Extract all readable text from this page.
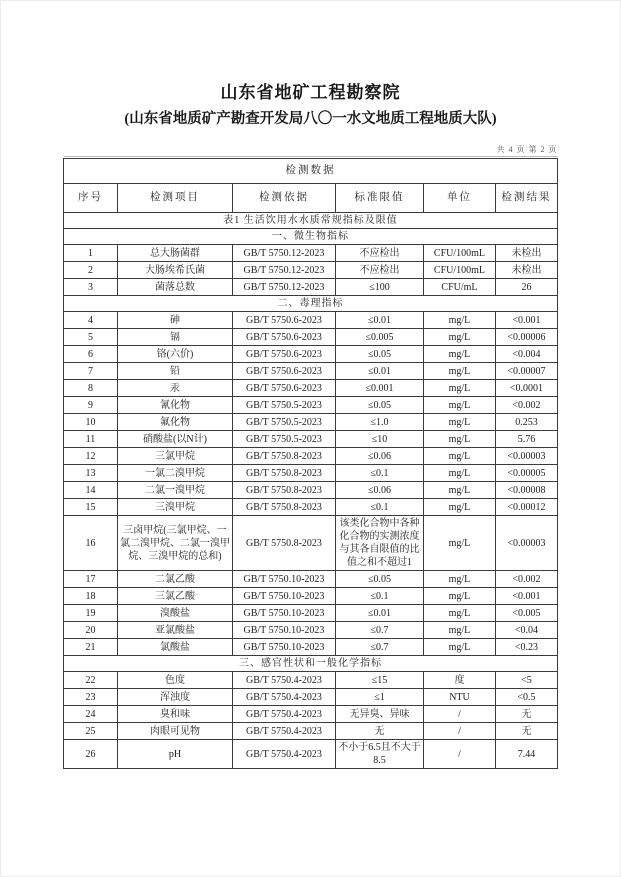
山东省地矿工程勘察院
(山东省地质矿产勘查开发局八〇一水文地质工程地质大队)
共 4 页 第 2 页
检测数据					
序号	检测项目	检测依据	标准限值	单位	检测结果
表1 生活饮用水水质常规指标及限值					
一、微生物指标					
1	总大肠菌群	GB/T 5750.12-2023	不应检出	CFU/100mL	未检出
2	大肠埃希氏菌	GB/T 5750.12-2023	不应检出	CFU/100mL	未检出
3	菌落总数	GB/T 5750.12-2023	≤100	CFU/mL	26
二、毒理指标					
4	砷	GB/T 5750.6-2023	≤0.01	mg/L	<0.001
5	镉	GB/T 5750.6-2023	≤0.005	mg/L	<0.00006
6	铬(六价)	GB/T 5750.6-2023	≤0.05	mg/L	<0.004
7	铅	GB/T 5750.6-2023	≤0.01	mg/L	<0.00007
8	汞	GB/T 5750.6-2023	≤0.001	mg/L	<0.0001
9	氰化物	GB/T 5750.5-2023	≤0.05	mg/L	<0.002
10	氟化物	GB/T 5750.5-2023	≤1.0	mg/L	0.253
11	硝酸盐(以N计)	GB/T 5750.5-2023	≤10	mg/L	5.76
12	三氯甲烷	GB/T 5750.8-2023	≤0.06	mg/L	<0.00003
13	一氯二溴甲烷	GB/T 5750.8-2023	≤0.1	mg/L	<0.00005
14	二氯一溴甲烷	GB/T 5750.8-2023	≤0.06	mg/L	<0.00008
15	三溴甲烷	GB/T 5750.8-2023	≤0.1	mg/L	<0.00012
16	三卤甲烷(三氯甲烷、一氯二溴甲烷、二氯一溴甲烷、三溴甲烷的总和)	GB/T 5750.8-2023	该类化合物中各种化合物的实测浓度与其各自限值的比值之和不超过1	mg/L	<0.00003
17	二氯乙酸	GB/T 5750.10-2023	≤0.05	mg/L	<0.002
18	三氯乙酸	GB/T 5750.10-2023	≤0.1	mg/L	<0.001
19	溴酸盐	GB/T 5750.10-2023	≤0.01	mg/L	<0.005
20	亚氯酸盐	GB/T 5750.10-2023	≤0.7	mg/L	<0.04
21	氯酸盐	GB/T 5750.10-2023	≤0.7	mg/L	<0.23
三、感官性状和一般化学指标					
22	色度	GB/T 5750.4-2023	≤15	度	<5
23	浑浊度	GB/T 5750.4-2023	≤1	NTU	<0.5
24	臭和味	GB/T 5750.4-2023	无异臭、异味	/	无
25	肉眼可见物	GB/T 5750.4-2023	无	/	无
26	pH	GB/T 5750.4-2023	不小于6.5且不大于8.5	/	7.44
